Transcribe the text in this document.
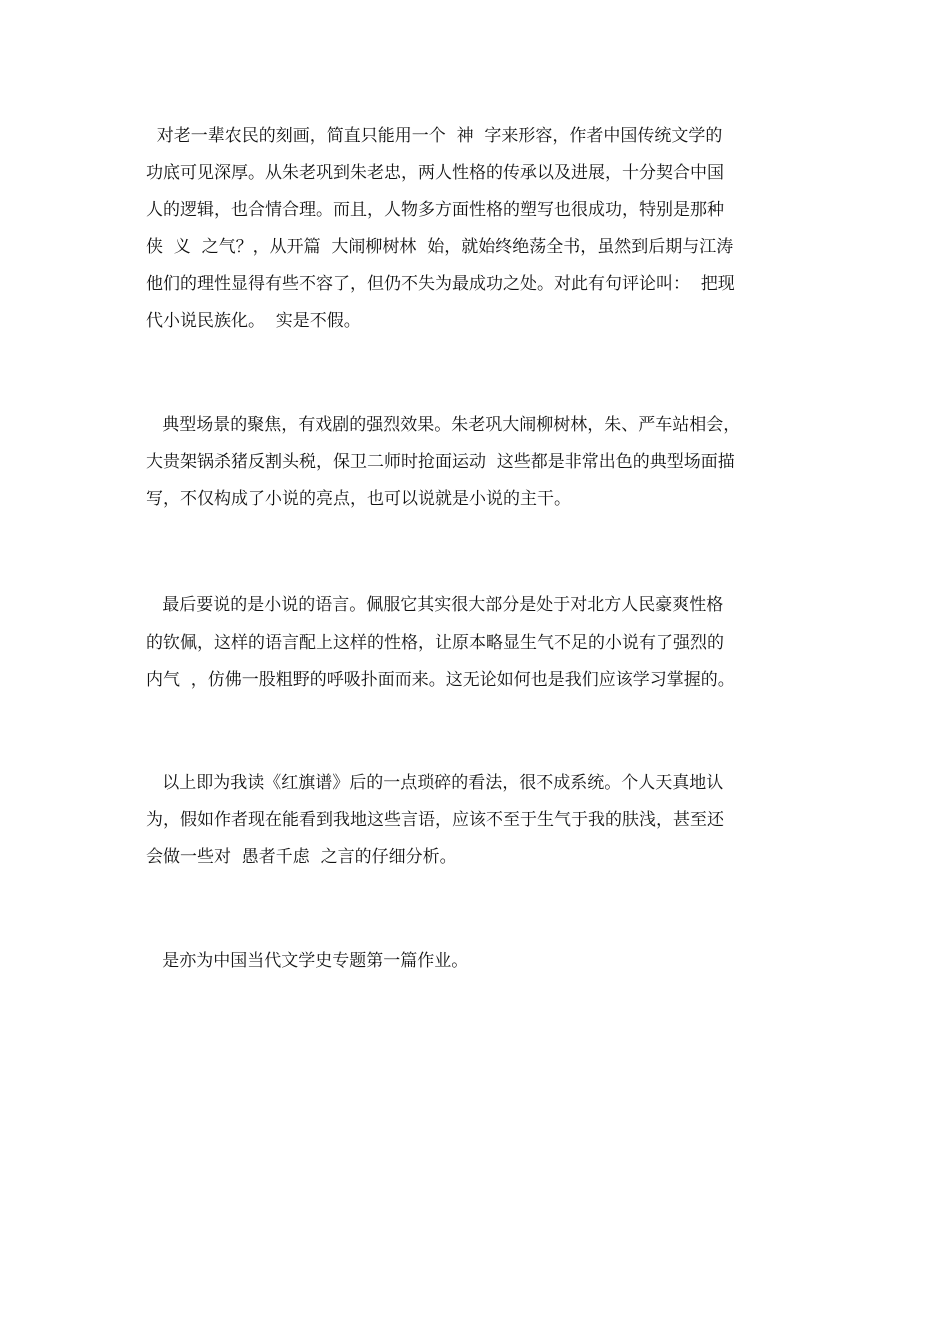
对老一辈农民的刻画，简直只能用一个  神  字来形容，作者中国传统文学的
功底可见深厚。从朱老巩到朱老忠，两人性格的传承以及进展，十分契合中国
人的逻辑，也合情合理。而且，人物多方面性格的塑写也很成功，特别是那种
侠  义  之气？，从开篇  大闹柳树林  始，就始终绝荡全书，虽然到后期与江涛
他们的理性显得有些不容了，但仍不失为最成功之处。对此有句评论叫：  把现
代小说民族化。  实是不假。
典型场景的聚焦，有戏剧的强烈效果。朱老巩大闹柳树林，朱、严车站相会，
大贵架锅杀猪反割头税，保卫二师时抢面运动  这些都是非常出色的典型场面描
写，不仅构成了小说的亮点，也可以说就是小说的主干。
最后要说的是小说的语言。佩服它其实很大部分是处于对北方人民豪爽性格
的钦佩，这样的语言配上这样的性格，让原本略显生气不足的小说有了强烈的
内气  ，仿佛一股粗野的呼吸扑面而来。这无论如何也是我们应该学习掌握的。
以上即为我读《红旗谱》后的一点琐碎的看法，很不成系统。个人天真地认
为，假如作者现在能看到我地这些言语，应该不至于生气于我的肤浅，甚至还
会做一些对  愚者千虑  之言的仔细分析。
是亦为中国当代文学史专题第一篇作业。
